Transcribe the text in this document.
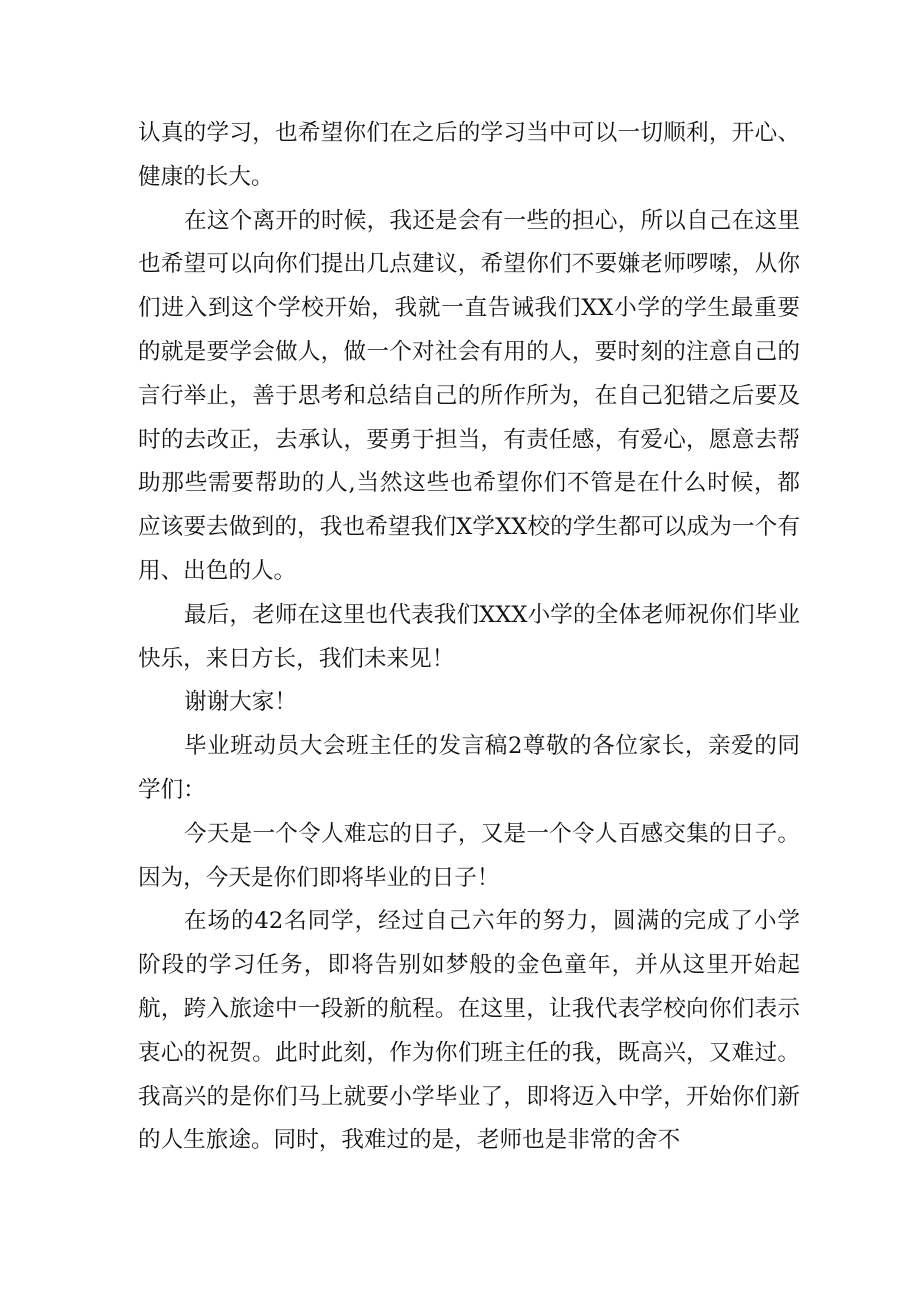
认真的学习，也希望你们在之后的学习当中可以一切顺利，开心、健康的长大。

在这个离开的时候，我还是会有一些的担心，所以自己在这里也希望可以向你们提出几点建议，希望你们不要嫌老师啰嗦，从你们进入到这个学校开始，我就一直告诫我们XX小学的学生最重要的就是要学会做人，做一个对社会有用的人，要时刻的注意自己的言行举止，善于思考和总结自己的所作所为，在自己犯错之后要及时的去改正，去承认，要勇于担当，有责任感，有爱心，愿意去帮助那些需要帮助的人,当然这些也希望你们不管是在什么时候，都应该要去做到的，我也希望我们X学XX校的学生都可以成为一个有用、出色的人。

最后，老师在这里也代表我们XXX小学的全体老师祝你们毕业快乐，来日方长，我们未来见！

谢谢大家！

毕业班动员大会班主任的发言稿2尊敬的各位家长，亲爱的同学们：

今天是一个令人难忘的日子，又是一个令人百感交集的日子。因为，今天是你们即将毕业的日子！

在场的42名同学，经过自己六年的努力，圆满的完成了小学阶段的学习任务，即将告别如梦般的金色童年，并从这里开始起航，跨入旅途中一段新的航程。在这里，让我代表学校向你们表示衷心的祝贺。此时此刻，作为你们班主任的我，既高兴，又难过。我高兴的是你们马上就要小学毕业了，即将迈入中学，开始你们新的人生旅途。同时，我难过的是，老师也是非常的舍不
